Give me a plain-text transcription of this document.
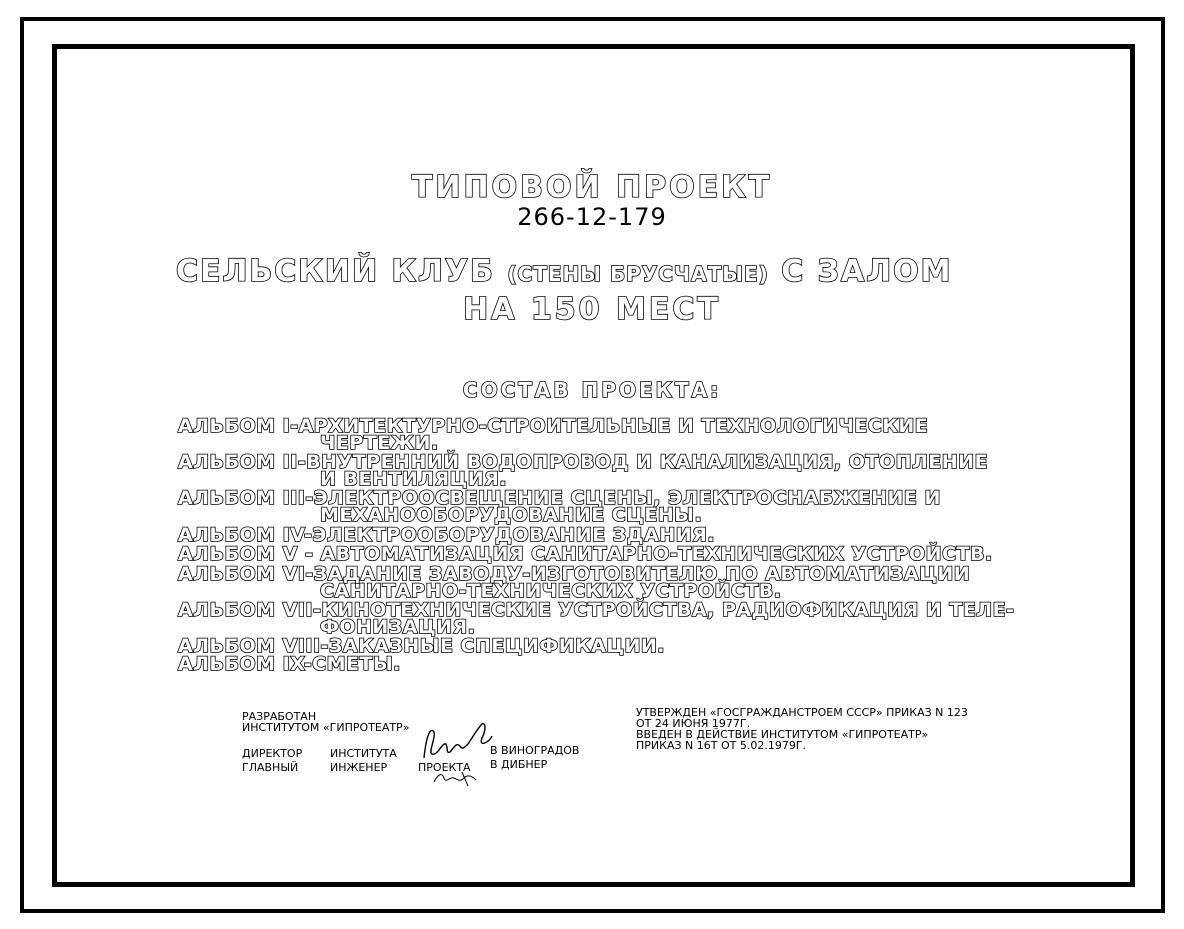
ТИПОВОЙ ПРОЕКТ
266-12-179
СЕЛЬСКИЙ КЛУБ (СТЕНЫ БРУСЧАТЫЕ) С ЗАЛОМ
НА 150 МЕСТ
СОСТАВ ПРОЕКТА:
АЛЬБОМ I-АРХИТЕКТУРНО-СТРОИТЕЛЬНЫЕ И ТЕХНОЛОГИЧЕСКИЕ
ЧЕРТЕЖИ.
АЛЬБОМ II-ВНУТРЕННИЙ ВОДОПРОВОД И КАНАЛИЗАЦИЯ, ОТОПЛЕНИЕ
И ВЕНТИЛЯЦИЯ.
АЛЬБОМ III-ЭЛЕКТРООСВЕЩЕНИЕ СЦЕНЫ, ЭЛЕКТРОСНАБЖЕНИЕ И
МЕХАНООБОРУДОВАНИЕ СЦЕНЫ.
АЛЬБОМ IV-ЭЛЕКТРООБОРУДОВАНИЕ ЗДАНИЯ.
АЛЬБОМ V - АВТОМАТИЗАЦИЯ САНИТАРНО-ТЕХНИЧЕСКИХ УСТРОЙСТВ.
АЛЬБОМ VI-ЗАДАНИЕ ЗАВОДУ-ИЗГОТОВИТЕЛЮ ПО АВТОМАТИЗАЦИИ
САНИТАРНО-ТЕХНИЧЕСКИХ УСТРОЙСТВ.
АЛЬБОМ VII-КИНОТЕХНИЧЕСКИЕ УСТРОЙСТВА, РАДИОФИКАЦИЯ И ТЕЛЕ-
ФОНИЗАЦИЯ.
АЛЬБОМ VIII-ЗАКАЗНЫЕ СПЕЦИФИКАЦИИ.
АЛЬБОМ IX-СМЕТЫ.
РАЗРАБОТАН
ИНСТИТУТОМ «ГИПРОТЕАТР»
ДИРЕКТОР	ИНСТИТУТА
ГЛАВНЫЙ	ИНЖЕНЕР	ПРОЕКТА
В ВИНОГРАДОВ
В ДИБНЕР
УТВЕРЖДЕН «ГОСГРАЖДАНСТРОЕМ СССР» ПРИКАЗ N 123
ОТ 24 ИЮНЯ 1977Г.
ВВЕДЕН В ДЕЙСТВИЕ ИНСТИТУТОМ «ГИПРОТЕАТР»
ПРИКАЗ N 16Т ОТ 5.02.1979Г.
